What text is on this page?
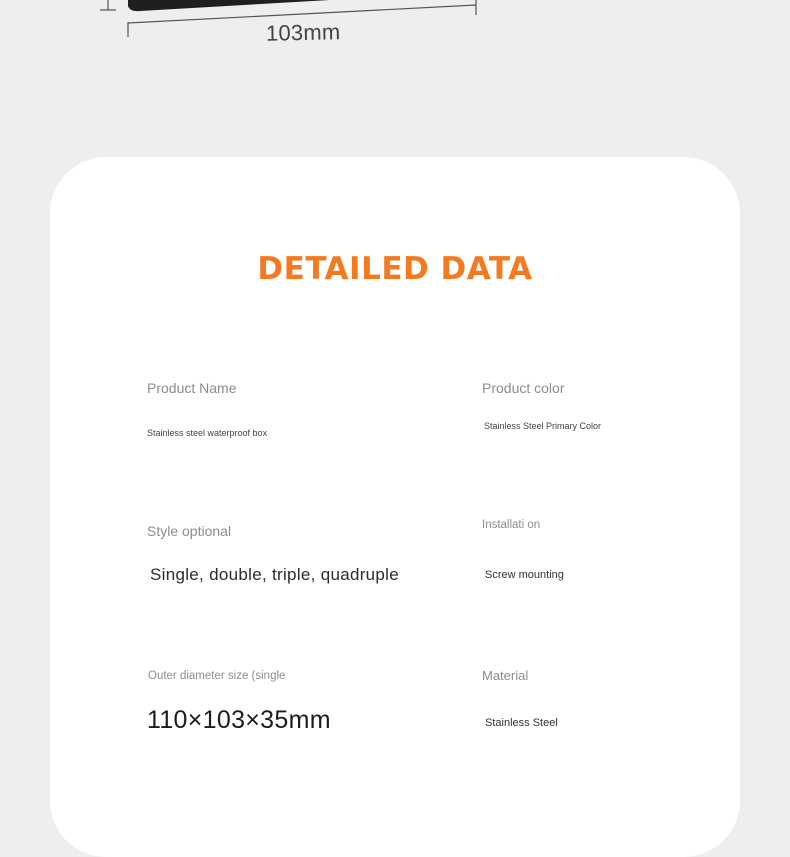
103mm
DETAILED DATA
Product Name
Stainless steel waterproof box
Product color
Stainless Steel Primary Color
Style optional
Single, double, triple, quadruple
Installati on
Screw mounting
Outer diameter size (single
110×103×35mm
Material
Stainless Steel
